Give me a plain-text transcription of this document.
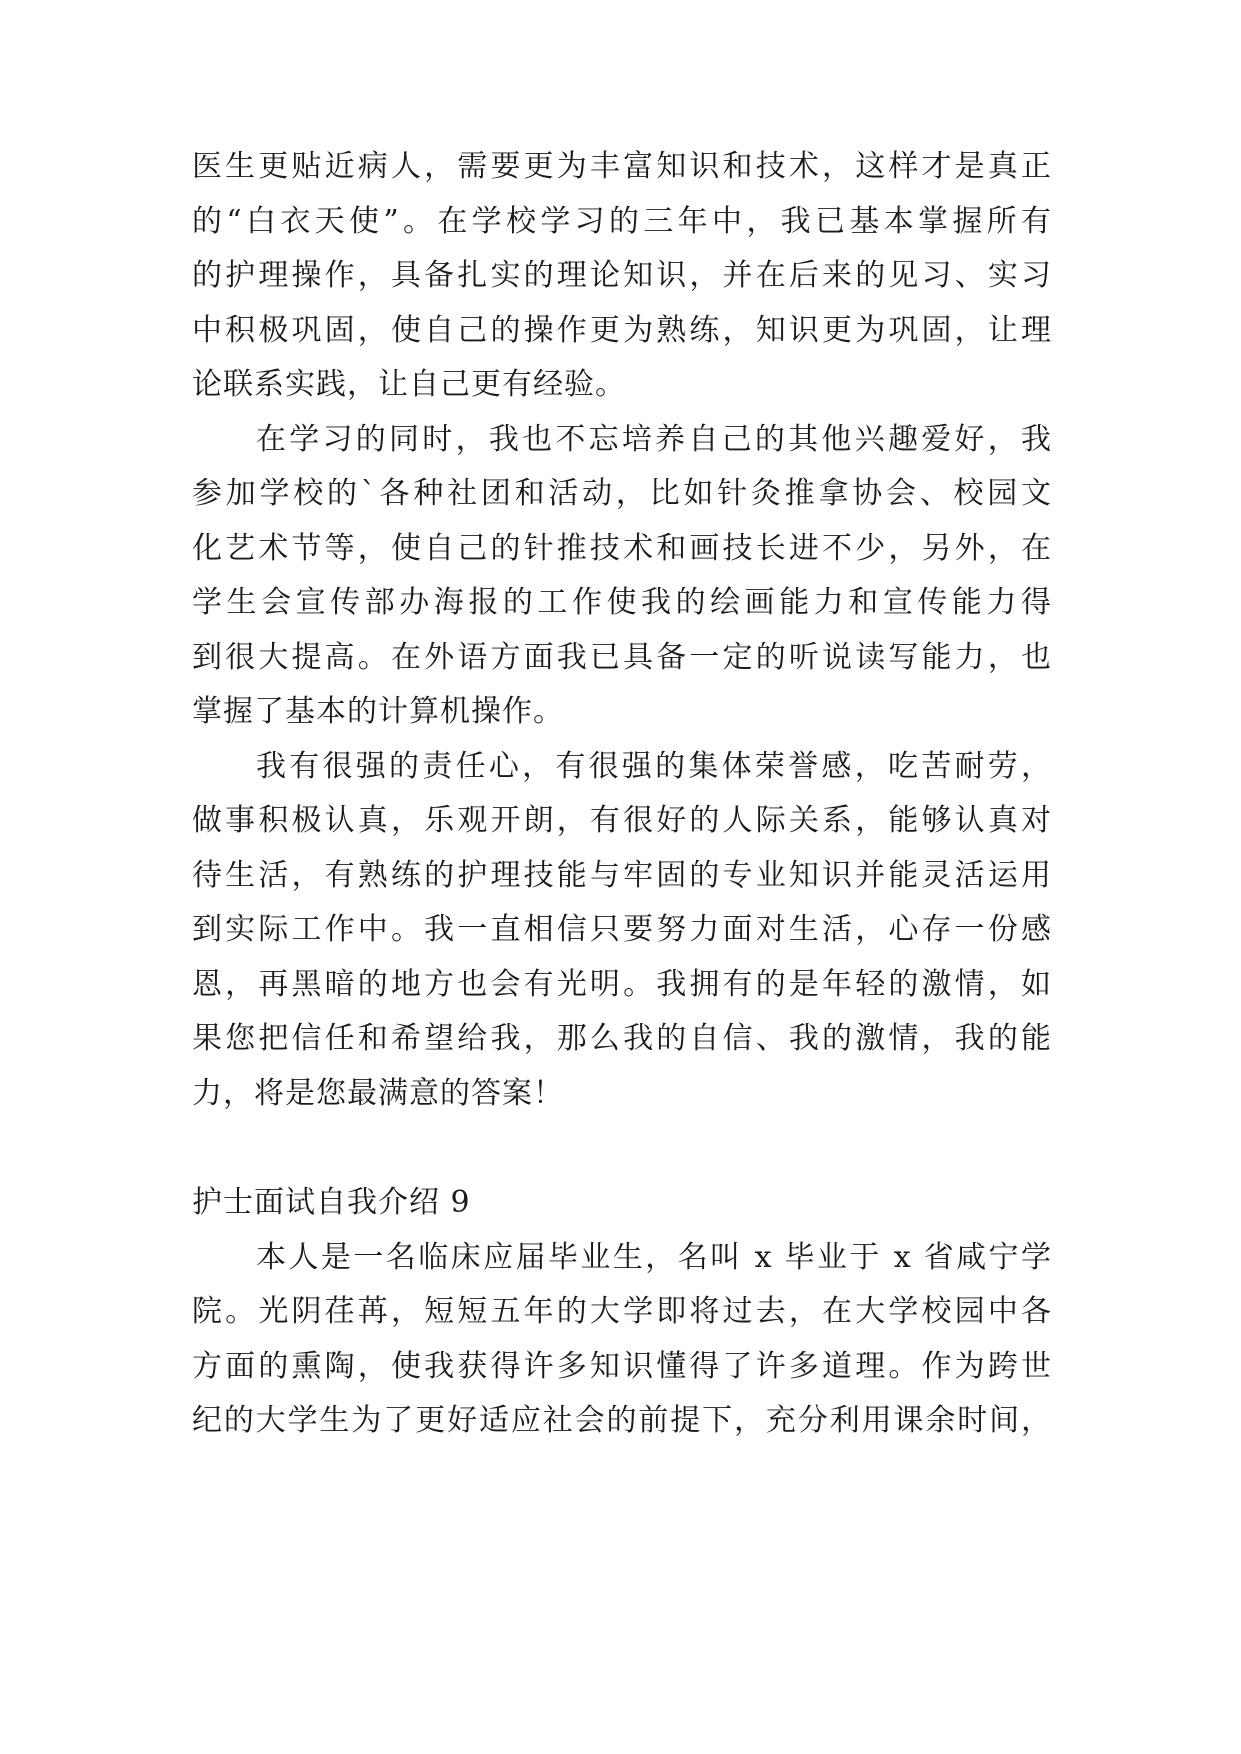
医生更贴近病人，需要更为丰富知识和技术，这样才是真正
的“白衣天使”。在学校学习的三年中，我已基本掌握所有
的护理操作，具备扎实的理论知识，并在后来的见习、实习
中积极巩固，使自己的操作更为熟练，知识更为巩固，让理
论联系实践，让自己更有经验。
在学习的同时，我也不忘培养自己的其他兴趣爱好，我
参加学校的`各种社团和活动，比如针灸推拿协会、校园文
化艺术节等，使自己的针推技术和画技长进不少，另外，在
学生会宣传部办海报的工作使我的绘画能力和宣传能力得
到很大提高。在外语方面我已具备一定的听说读写能力，也
掌握了基本的计算机操作。
我有很强的责任心，有很强的集体荣誉感，吃苦耐劳，
做事积极认真，乐观开朗，有很好的人际关系，能够认真对
待生活，有熟练的护理技能与牢固的专业知识并能灵活运用
到实际工作中。我一直相信只要努力面对生活，心存一份感
恩，再黑暗的地方也会有光明。我拥有的是年轻的激情，如
果您把信任和希望给我，那么我的自信、我的激情，我的能
力，将是您最满意的答案！
护士面试自我介绍 9
本人是一名临床应届毕业生，名叫 x 毕业于 x 省咸宁学
院。光阴荏苒，短短五年的大学即将过去，在大学校园中各
方面的熏陶，使我获得许多知识懂得了许多道理。作为跨世
纪的大学生为了更好适应社会的前提下，充分利用课余时间，
